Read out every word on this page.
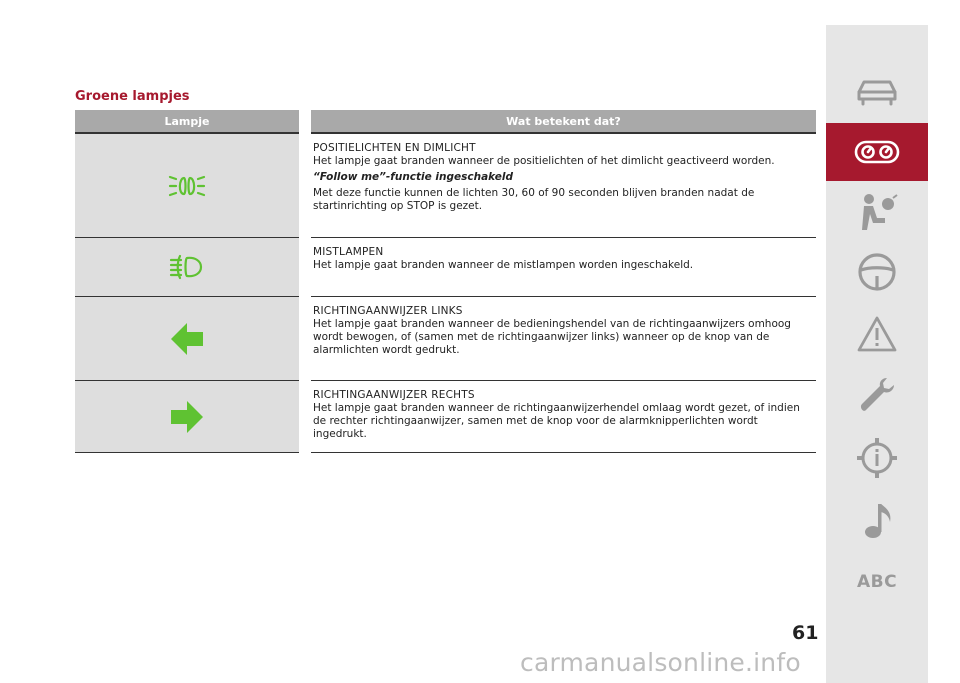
Groene lampjes
Lampje	Wat betekent dat?

POSITIELICHTEN EN DIMLICHT
Het lampje gaat branden wanneer de positielichten of het dimlicht geactiveerd worden.
“Follow me”-functie ingeschakeld
Met deze functie kunnen de lichten 30, 60 of 90 seconden blijven branden nadat de startinrichting op STOP is gezet.

MISTLAMPEN
Het lampje gaat branden wanneer de mistlampen worden ingeschakeld.

RICHTINGAANWIJZER LINKS
Het lampje gaat branden wanneer de bedieningshendel van de richtingaanwijzers omhoog wordt bewogen, of (samen met de richtingaanwijzer links) wanneer op de knop van de alarmlichten wordt gedrukt.

RICHTINGAANWIJZER RECHTS
Het lampje gaat branden wanneer de richtingaanwijzerhendel omlaag wordt gezet, of indien de rechter richtingaanwijzer, samen met de knop voor de alarmknipperlichten wordt ingedrukt.
ABC
61
carmanualsonline.info
